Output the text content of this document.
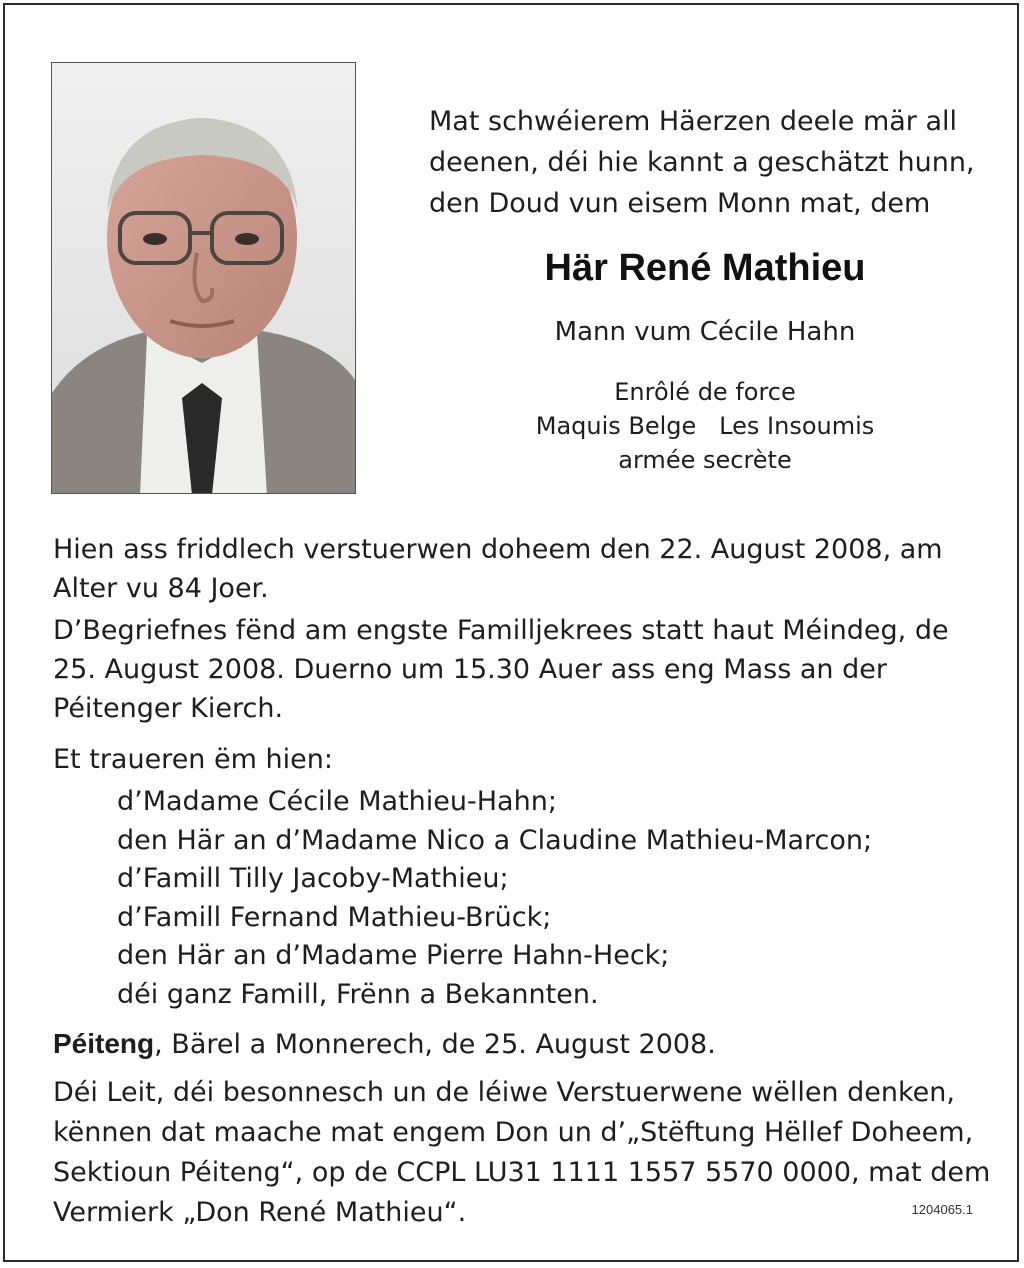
Mat schwéierem Häerzen deele mär all
deenen, déi hie kannt a geschätzt hunn,
den Doud vun eisem Monn mat, dem
Här René Mathieu
Mann vum Cécile Hahn
Enrôlé de force
Maquis Belge   Les Insoumis
armée secrète
Hien ass friddlech verstuerwen doheem den 22. August 2008, am
Alter vu 84 Joer.
D’Begriefnes fënd am engste Familljekrees statt haut Méindeg, de
25. August 2008. Duerno um 15.30 Auer ass eng Mass an der
Péitenger Kierch.
Et traueren ëm hien:
d’Madame Cécile Mathieu-Hahn;
den Här an d’Madame Nico a Claudine Mathieu-Marcon;
d’Famill Tilly Jacoby-Mathieu;
d’Famill Fernand Mathieu-Brück;
den Här an d’Madame Pierre Hahn-Heck;
déi ganz Famill, Frënn a Bekannten.
Péiteng, Bärel a Monnerech, de 25. August 2008.
Déi Leit, déi besonnesch un de léiwe Verstuerwene wëllen denken,
kënnen dat maache mat engem Don un d’„Stëftung Hëllef Doheem,
Sektioun Péiteng“, op de CCPL LU31 1111 1557 5570 0000, mat dem
Vermierk „Don René Mathieu“.	1204065.1
